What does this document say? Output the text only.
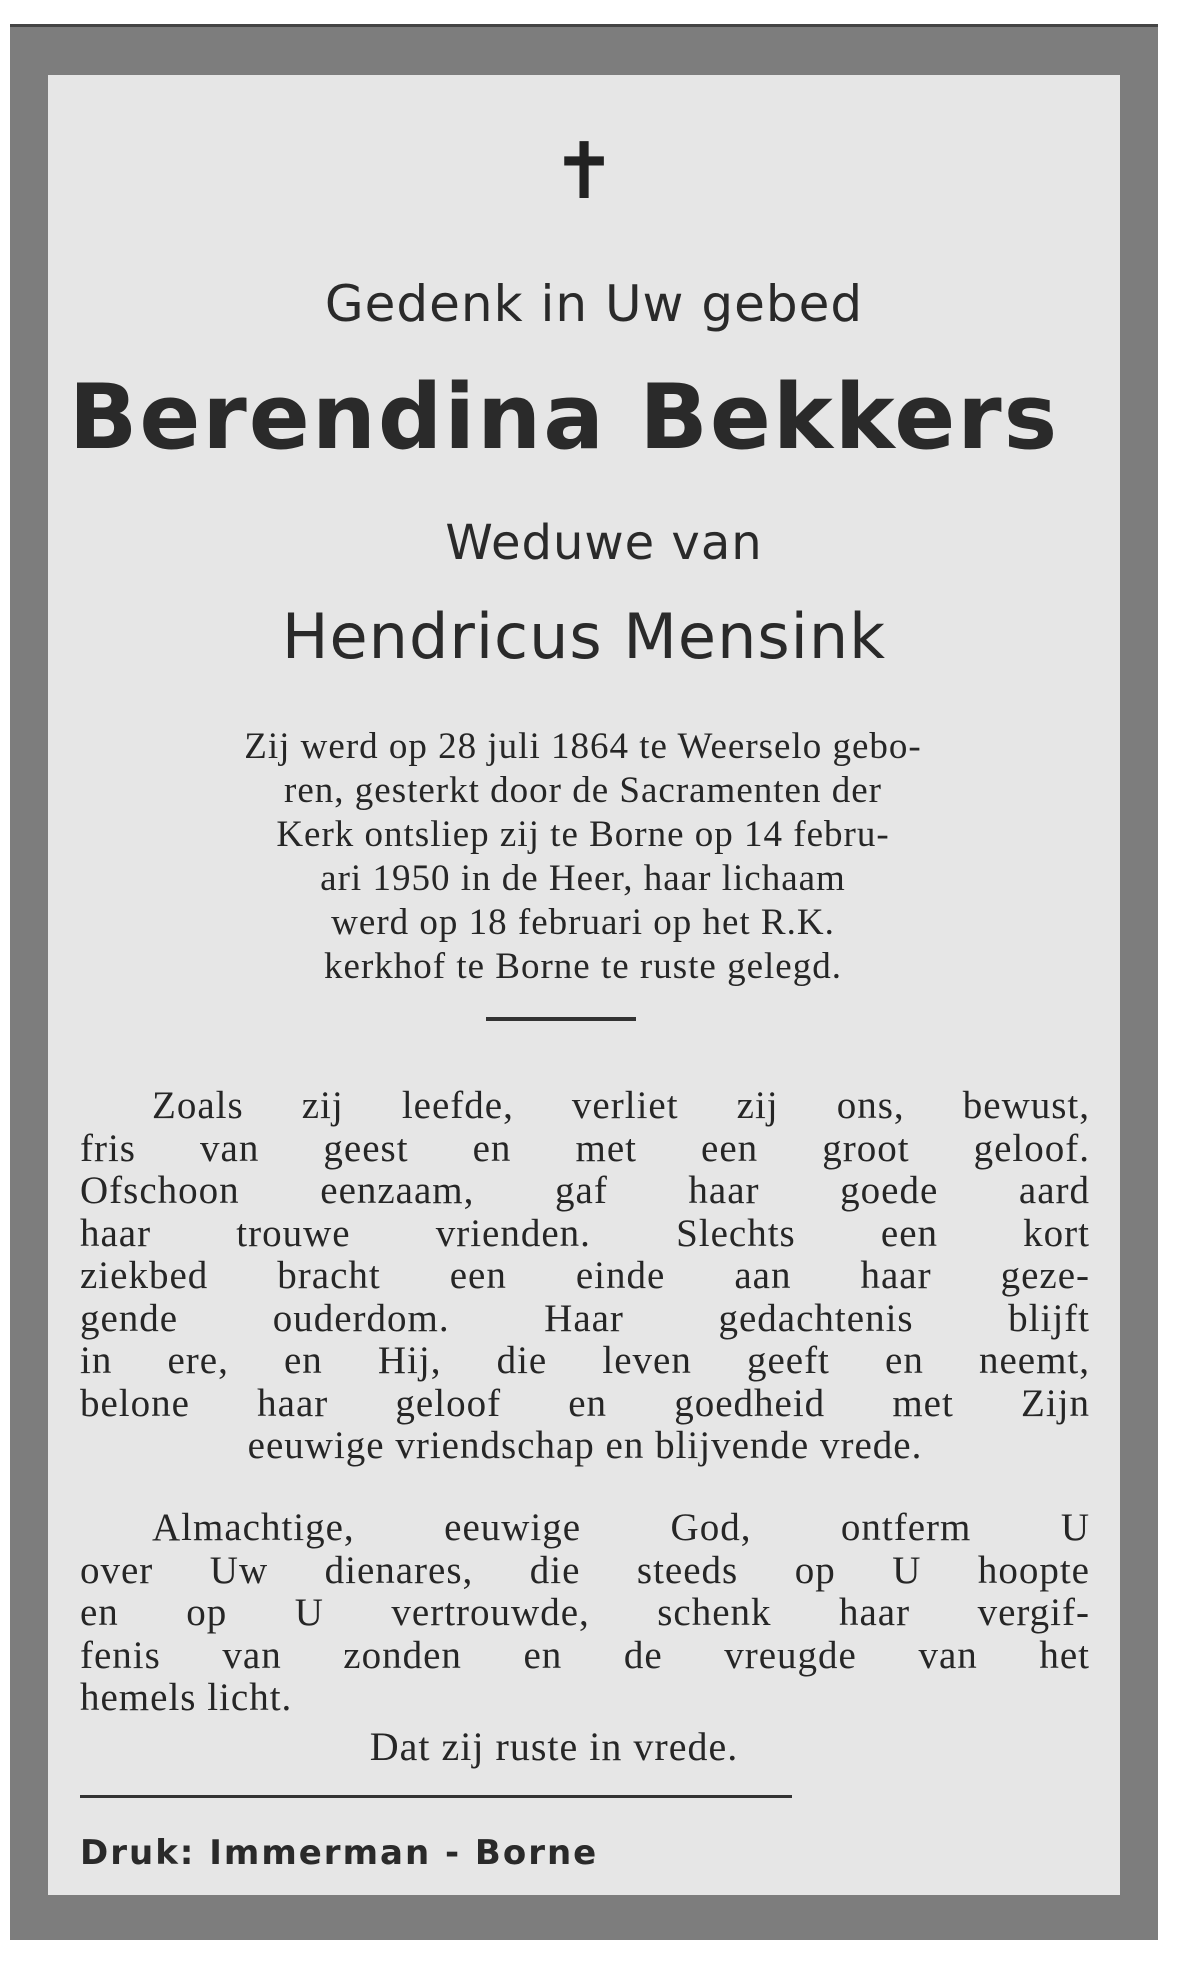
✝
Gedenk in Uw gebed
Berendina Bekkers
Weduwe van
Hendricus Mensink
Zij werd op 28 juli 1864 te Weerselo gebo-
ren, gesterkt door de Sacramenten der
Kerk ontsliep zij te Borne op 14 febru-
ari 1950 in de Heer, haar lichaam
werd op 18 februari op het R.K.
kerkhof te Borne te ruste gelegd.
Zoals zij leefde, verliet zij ons, bewust,
fris van geest en met een groot geloof.
Ofschoon eenzaam, gaf haar goede aard
haar trouwe vrienden. Slechts een kort
ziekbed bracht een einde aan haar geze-
gende ouderdom. Haar gedachtenis blijft
in ere, en Hij, die leven geeft en neemt,
belone haar geloof en goedheid met Zijn
eeuwige vriendschap en blijvende vrede.
Almachtige, eeuwige God, ontferm U
over Uw dienares, die steeds op U hoopte
en op U vertrouwde, schenk haar vergif-
fenis van zonden en de vreugde van het
hemels licht.
Dat zij ruste in vrede.
Druk: Immerman - Borne
